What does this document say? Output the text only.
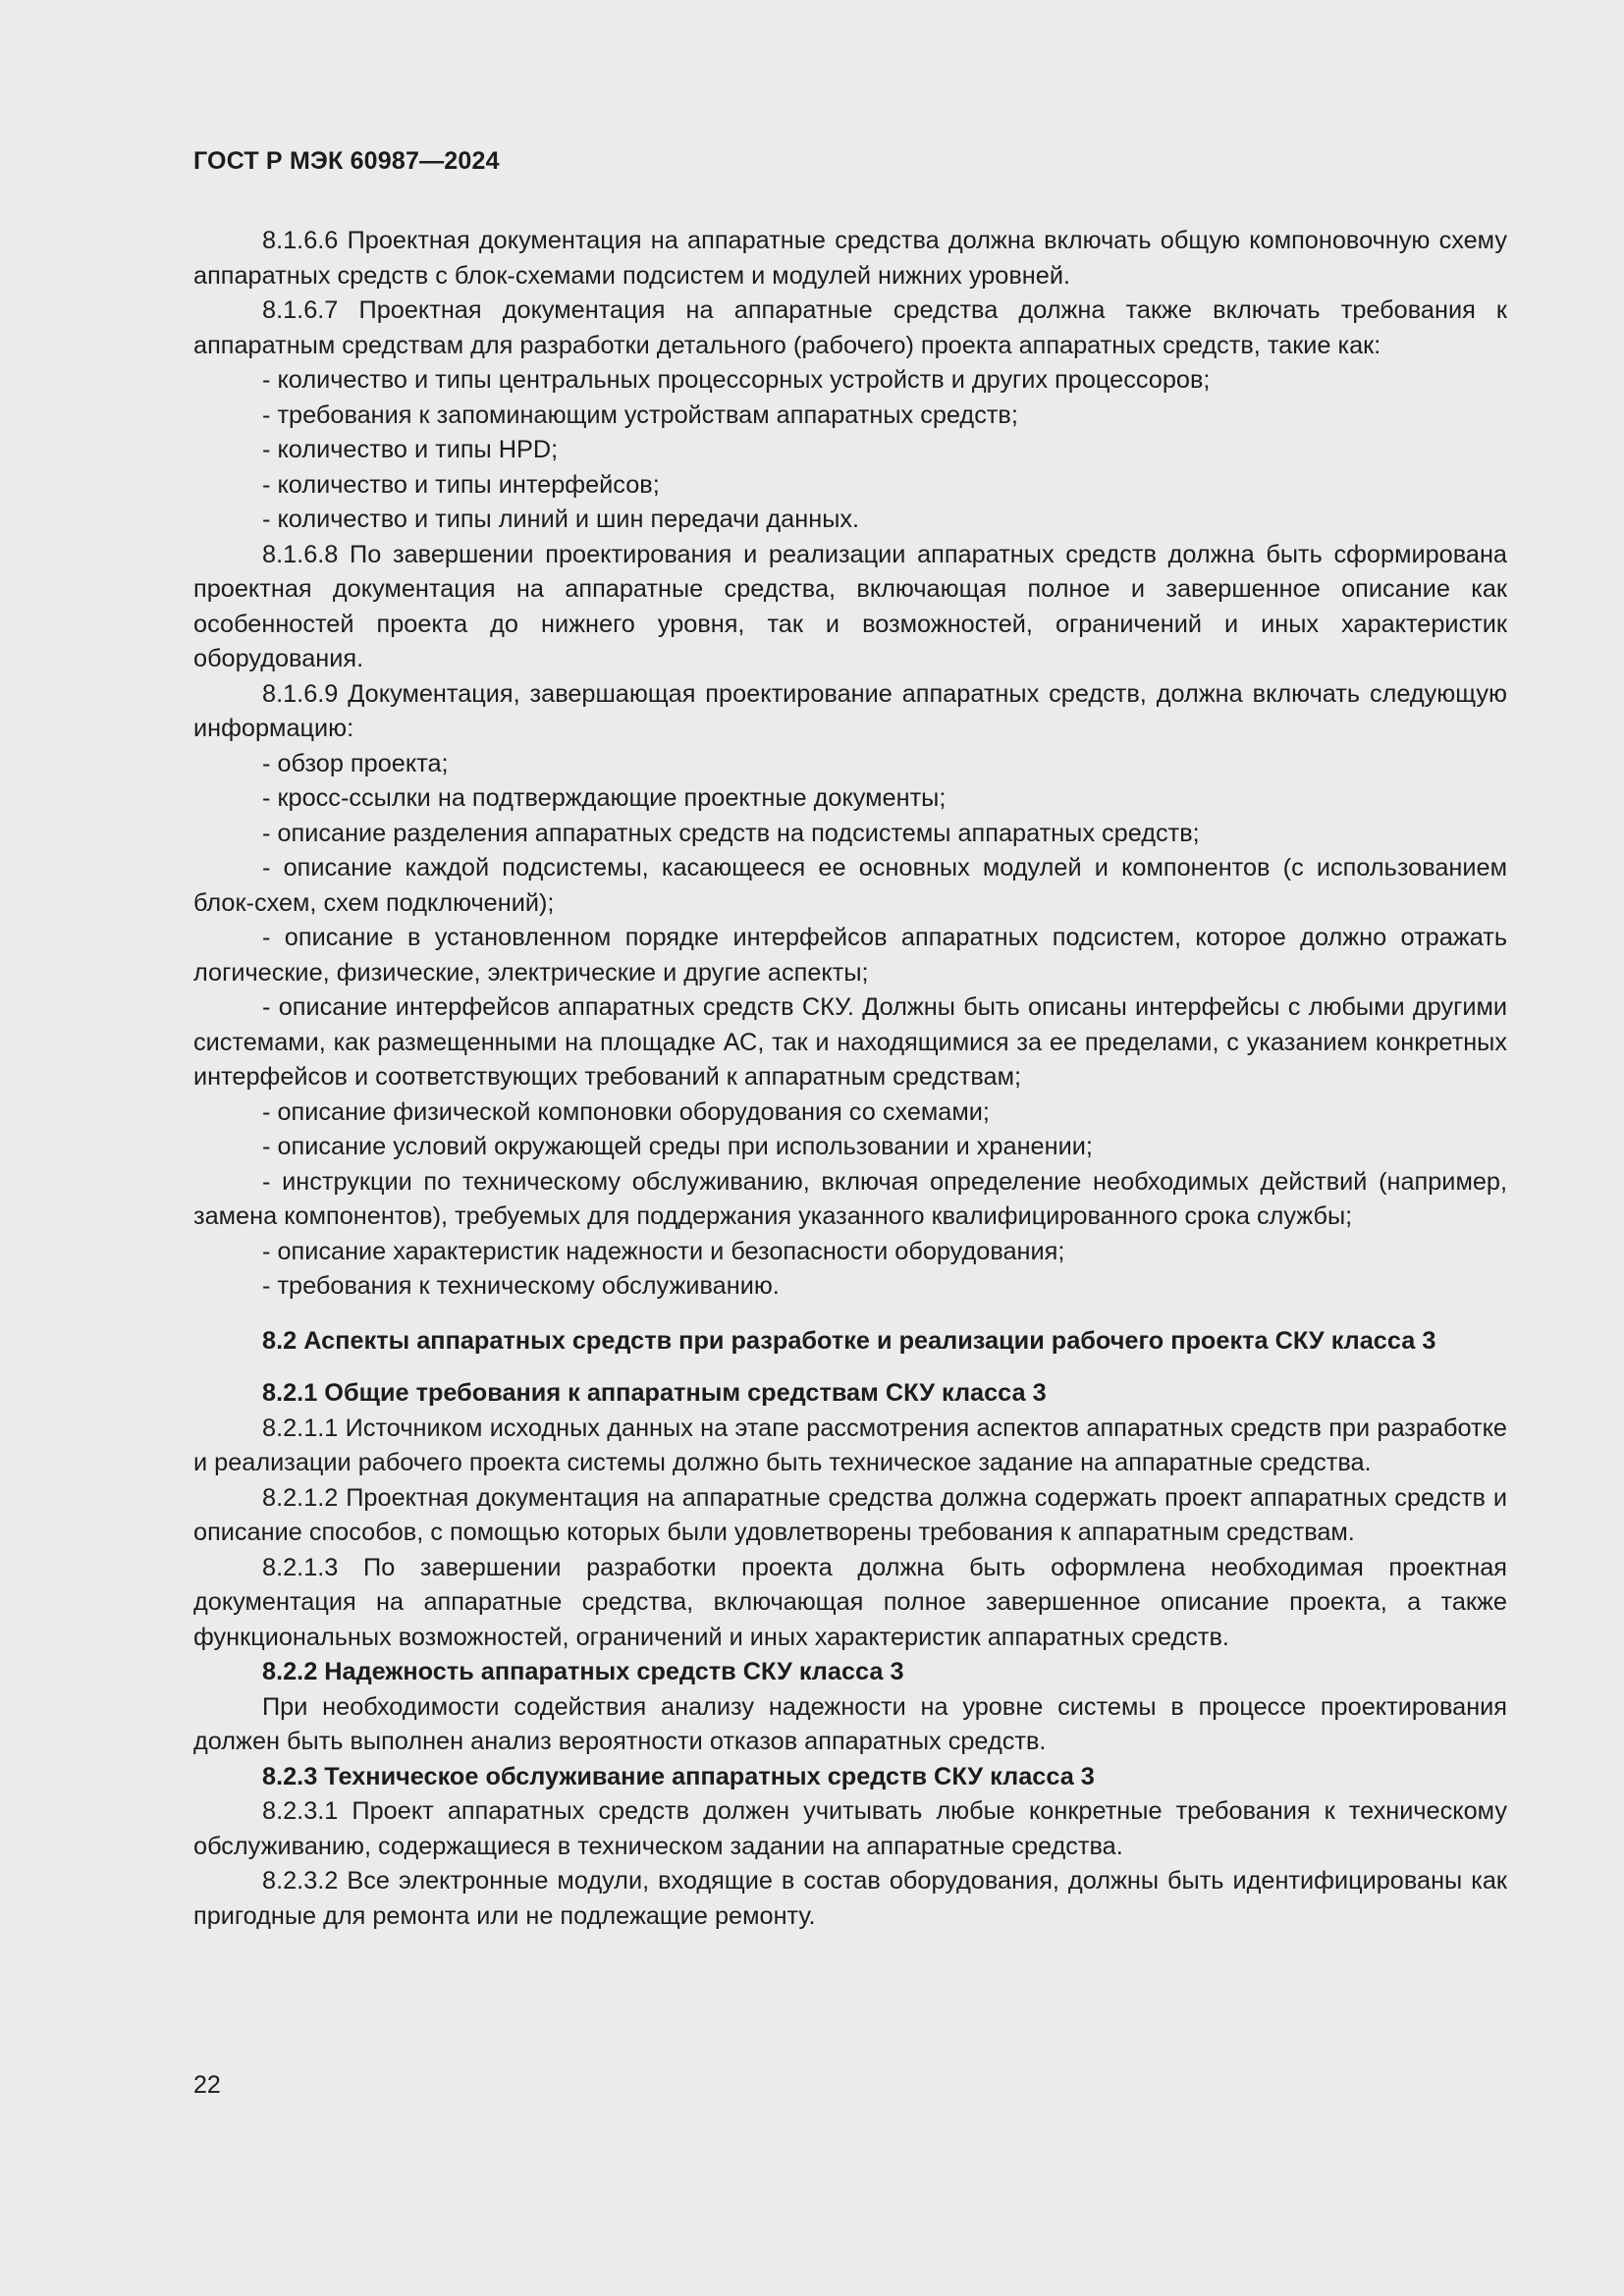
ГОСТ Р МЭК 60987—2024

8.1.6.6 Проектная документация на аппаратные средства должна включать общую компоновочную схему аппаратных средств с блок-схемами подсистем и модулей нижних уровней.

8.1.6.7 Проектная документация на аппаратные средства должна также включать требования к аппаратным средствам для разработки детального (рабочего) проекта аппаратных средств, такие как:

- количество и типы центральных процессорных устройств и других процессоров;

- требования к запоминающим устройствам аппаратных средств;

- количество и типы HPD;

- количество и типы интерфейсов;

- количество и типы линий и шин передачи данных.

8.1.6.8 По завершении проектирования и реализации аппаратных средств должна быть сформирована проектная документация на аппаратные средства, включающая полное и завершенное описание как особенностей проекта до нижнего уровня, так и возможностей, ограничений и иных характеристик оборудования.

8.1.6.9 Документация, завершающая проектирование аппаратных средств, должна включать следующую информацию:

- обзор проекта;

- кросс-ссылки на подтверждающие проектные документы;

- описание разделения аппаратных средств на подсистемы аппаратных средств;

- описание каждой подсистемы, касающееся ее основных модулей и компонентов (с использованием блок-схем, схем подключений);

- описание в установленном порядке интерфейсов аппаратных подсистем, которое должно отражать логические, физические, электрические и другие аспекты;

- описание интерфейсов аппаратных средств СКУ. Должны быть описаны интерфейсы с любыми другими системами, как размещенными на площадке АС, так и находящимися за ее пределами, с указанием конкретных интерфейсов и соответствующих требований к аппаратным средствам;

- описание физической компоновки оборудования со схемами;

- описание условий окружающей среды при использовании и хранении;

- инструкции по техническому обслуживанию, включая определение необходимых действий (например, замена компонентов), требуемых для поддержания указанного квалифицированного срока службы;

- описание характеристик надежности и безопасности оборудования;

- требования к техническому обслуживанию.

8.2 Аспекты аппаратных средств при разработке и реализации рабочего проекта СКУ класса 3

8.2.1 Общие требования к аппаратным средствам СКУ класса 3

8.2.1.1 Источником исходных данных на этапе рассмотрения аспектов аппаратных средств при разработке и реализации рабочего проекта системы должно быть техническое задание на аппаратные средства.

8.2.1.2 Проектная документация на аппаратные средства должна содержать проект аппаратных средств и описание способов, с помощью которых были удовлетворены требования к аппаратным средствам.

8.2.1.3 По завершении разработки проекта должна быть оформлена необходимая проектная документация на аппаратные средства, включающая полное завершенное описание проекта, а также функциональных возможностей, ограничений и иных характеристик аппаратных средств.

8.2.2 Надежность аппаратных средств СКУ класса 3

При необходимости содействия анализу надежности на уровне системы в процессе проектирования должен быть выполнен анализ вероятности отказов аппаратных средств.

8.2.3 Техническое обслуживание аппаратных средств СКУ класса 3

8.2.3.1 Проект аппаратных средств должен учитывать любые конкретные требования к техническому обслуживанию, содержащиеся в техническом задании на аппаратные средства.

8.2.3.2 Все электронные модули, входящие в состав оборудования, должны быть идентифицированы как пригодные для ремонта или не подлежащие ремонту.

22
